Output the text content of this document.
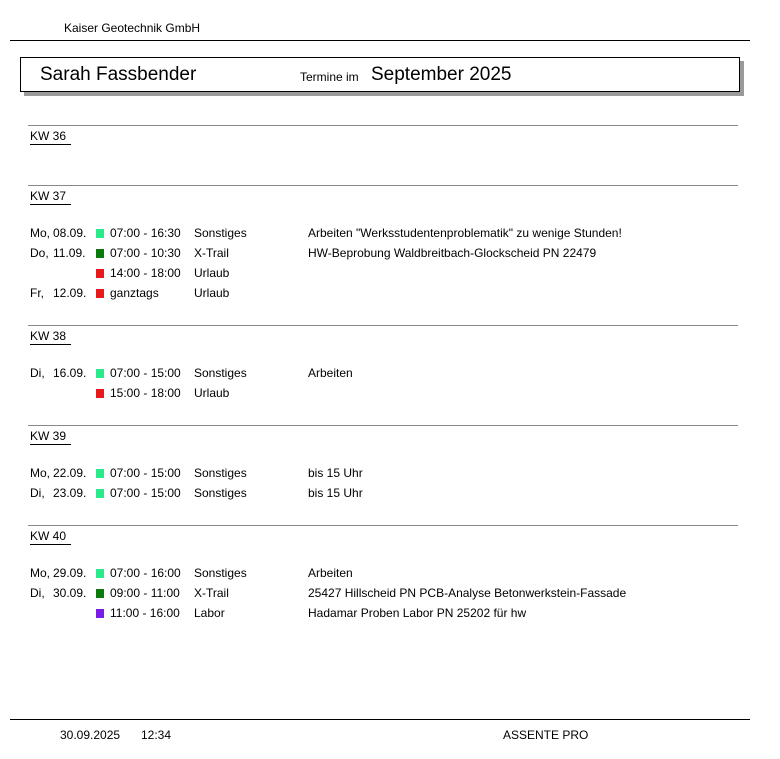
Kaiser Geotechnik GmbH
Sarah Fassbender	Termine im September 2025
KW 36
KW 37
Mo, 08.09. 07:00 - 16:30 Sonstiges	Arbeiten "Werksstudentenproblematik" zu wenige Stunden!
Do, 11.09. 07:00 - 10:30 X-Trail	HW-Beprobung Waldbreitbach-Glockscheid PN 22479
14:00 - 18:00 Urlaub
Fr, 12.09. ganztags	Urlaub
KW 38
Di, 16.09. 07:00 - 15:00 Sonstiges	Arbeiten
15:00 - 18:00 Urlaub
KW 39
Mo, 22.09. 07:00 - 15:00 Sonstiges	bis 15 Uhr
Di, 23.09. 07:00 - 15:00 Sonstiges	bis 15 Uhr
KW 40
Mo, 29.09. 07:00 - 16:00 Sonstiges	Arbeiten
Di, 30.09. 09:00 - 11:00 X-Trail	25427 Hillscheid PN PCB-Analyse Betonwerkstein-Fassade
11:00 - 16:00 Labor	Hadamar Proben Labor PN 25202 für hw
30.09.2025 12:34	ASSENTE PRO
